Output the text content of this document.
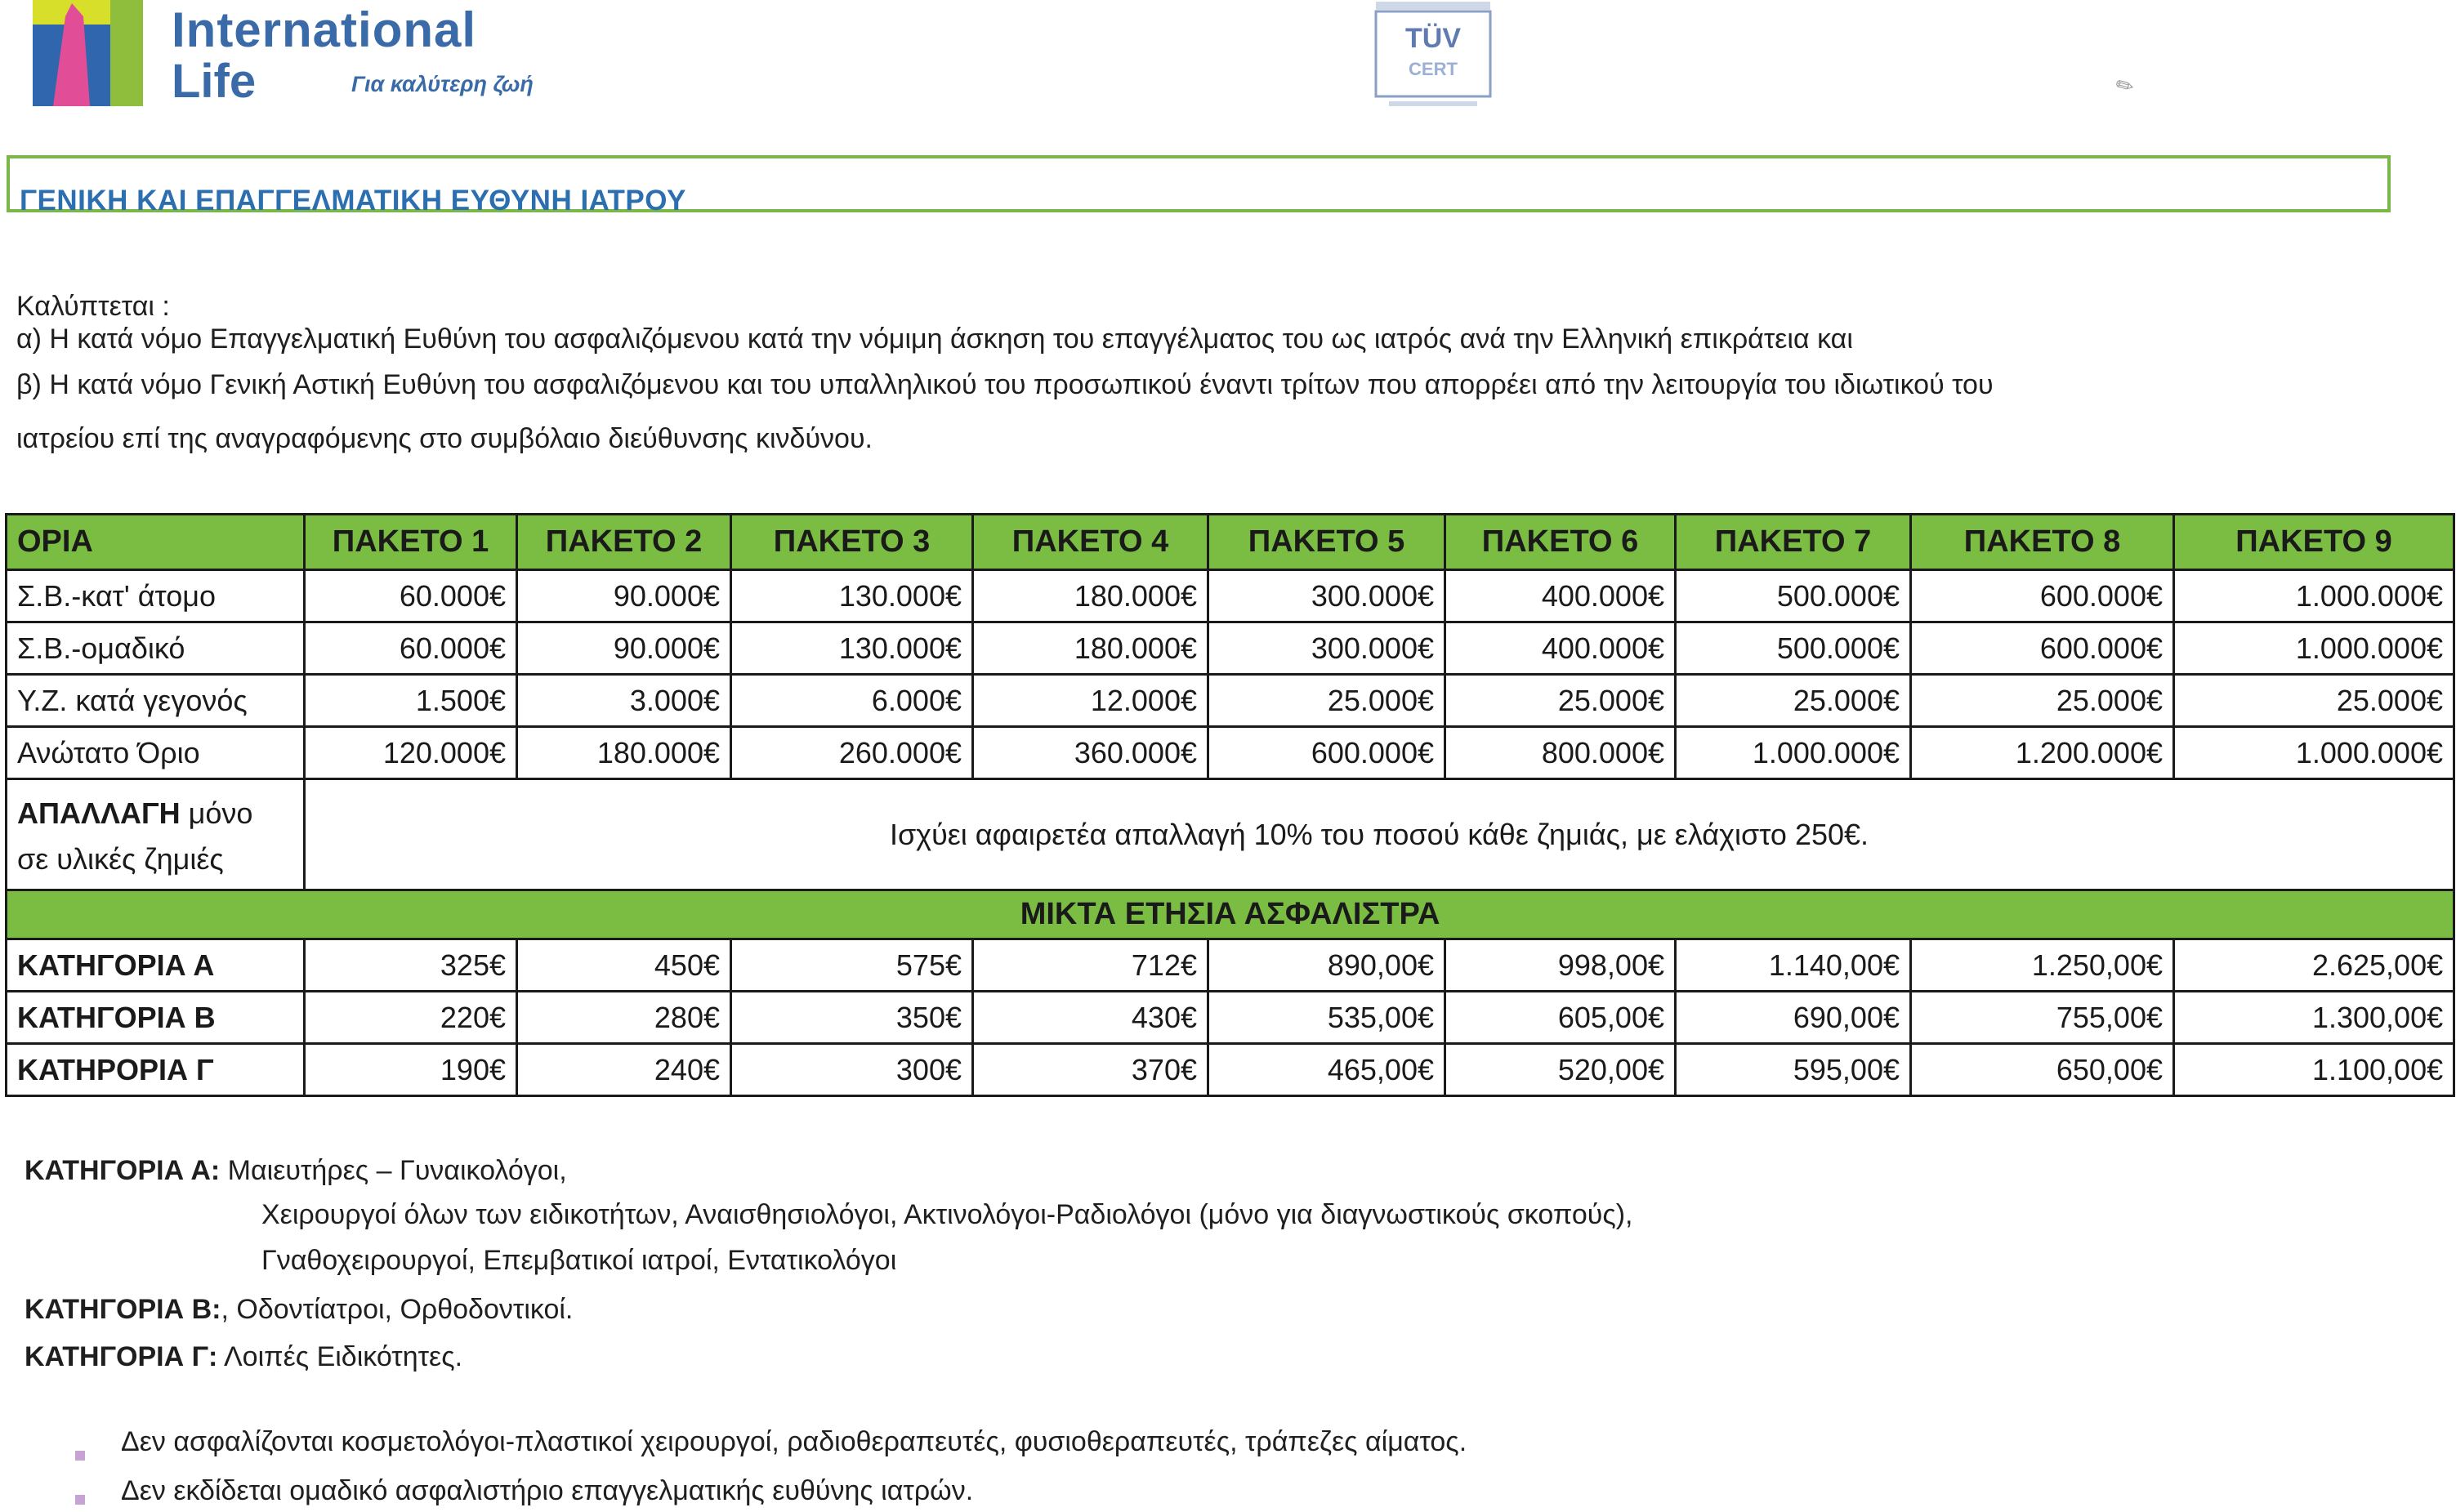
International
Life	Για καλύτερη ζωή
TÜV
CERT
✎
ΓΕΝΙΚΗ ΚΑΙ ΕΠΑΓΓΕΛΜΑΤΙΚΗ ΕΥΘΥΝΗ ΙΑΤΡΟΥ
Καλύπτεται :
α) Η κατά νόμο Επαγγελματική Ευθύνη του ασφαλιζόμενου κατά την νόμιμη άσκηση του επαγγέλματος του ως ιατρός ανά την Ελληνική επικράτεια και
β) Η κατά νόμο Γενική Αστική Ευθύνη του ασφαλιζόμενου και του υπαλληλικού του προσωπικού έναντι τρίτων που απορρέει από την λειτουργία του ιδιωτικού του
ιατρείου επί της αναγραφόμενης στο συμβόλαιο διεύθυνσης κινδύνου.
ΟΡΙΑ	ΠΑΚΕΤΟ 1	ΠΑΚΕΤΟ 2	ΠΑΚΕΤΟ 3	ΠΑΚΕΤΟ 4	ΠΑΚΕΤΟ 5	ΠΑΚΕΤΟ 6	ΠΑΚΕΤΟ 7	ΠΑΚΕΤΟ 8	ΠΑΚΕΤΟ 9
Σ.Β.-κατ' άτομο	60.000€	90.000€	130.000€	180.000€	300.000€	400.000€	500.000€	600.000€	1.000.000€
Σ.Β.-ομαδικό	60.000€	90.000€	130.000€	180.000€	300.000€	400.000€	500.000€	600.000€	1.000.000€
Υ.Ζ. κατά γεγονός	1.500€	3.000€	6.000€	12.000€	25.000€	25.000€	25.000€	25.000€	25.000€
Ανώτατο Όριο	120.000€	180.000€	260.000€	360.000€	600.000€	800.000€	1.000.000€	1.200.000€	1.000.000€
ΑΠΑΛΛΑΓΗ μόνο
σε υλικές ζημιές	Ισχύει αφαιρετέα απαλλαγή 10% του ποσού κάθε ζημιάς, με ελάχιστο 250€.								
ΜΙΚΤΑ ΕΤΗΣΙΑ ΑΣΦΑΛΙΣΤΡΑ									
ΚΑΤΗΓΟΡΙΑ Α	325€	450€	575€	712€	890,00€	998,00€	1.140,00€	1.250,00€	2.625,00€
ΚΑΤΗΓΟΡΙΑ Β	220€	280€	350€	430€	535,00€	605,00€	690,00€	755,00€	1.300,00€
ΚΑΤΗΡΟΡΙΑ Γ	190€	240€	300€	370€	465,00€	520,00€	595,00€	650,00€	1.100,00€
ΚΑΤΗΓΟΡΙΑ Α: Μαιευτήρες – Γυναικολόγοι,
Χειρουργοί όλων των ειδικοτήτων, Αναισθησιολόγοι, Ακτινολόγοι-Ραδιολόγοι (μόνο για διαγνωστικούς σκοπούς),
Γναθοχειρουργοί, Επεμβατικοί ιατροί, Εντατικολόγοι
ΚΑΤΗΓΟΡΙΑ Β:, Οδοντίατροι, Ορθοδοντικοί.
ΚΑΤΗΓΟΡΙΑ Γ: Λοιπές Ειδικότητες.
Δεν ασφαλίζονται κοσμετολόγοι-πλαστικοί χειρουργοί, ραδιοθεραπευτές, φυσιοθεραπευτές, τράπεζες αίματος.
Δεν εκδίδεται ομαδικό ασφαλιστήριο επαγγελματικής ευθύνης ιατρών.
